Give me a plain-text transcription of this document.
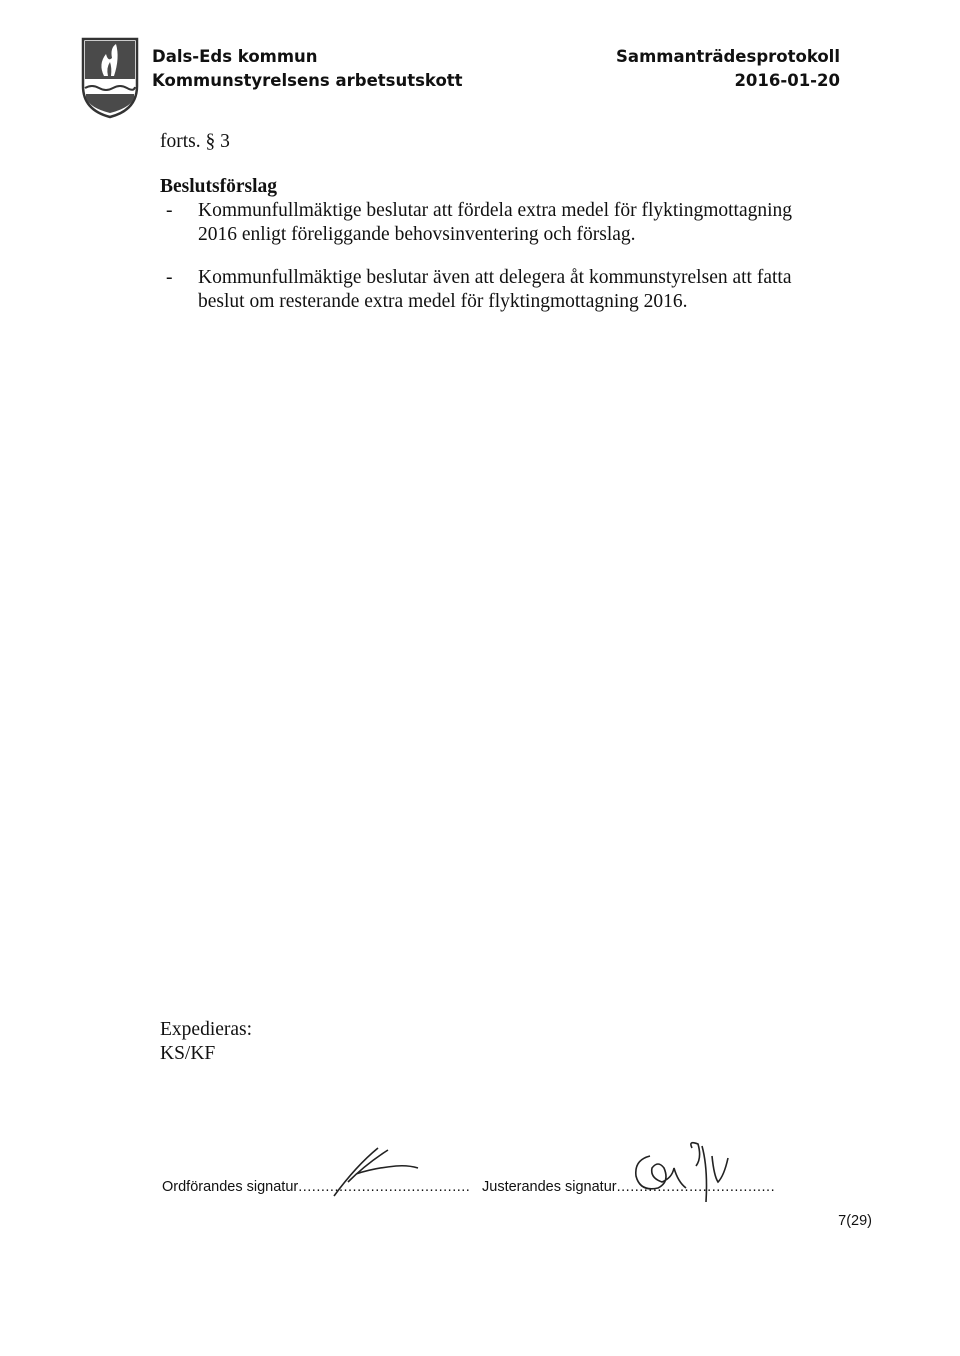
Dals-Eds kommun
Kommunstyrelsens arbetsutskott
Sammanträdesprotokoll
2016-01-20
forts. § 3
Beslutsförslag
- Kommunfullmäktige beslutar att fördela extra medel för flyktingmottagning 2016 enligt föreliggande behovsinventering och förslag.
- Kommunfullmäktige beslutar även att delegera åt kommunstyrelsen att fatta beslut om resterande extra medel för flyktingmottagning 2016.
Expedieras:
KS/KF
Ordförandes signatur...................................... Justerandes signatur...................................
7(29)
